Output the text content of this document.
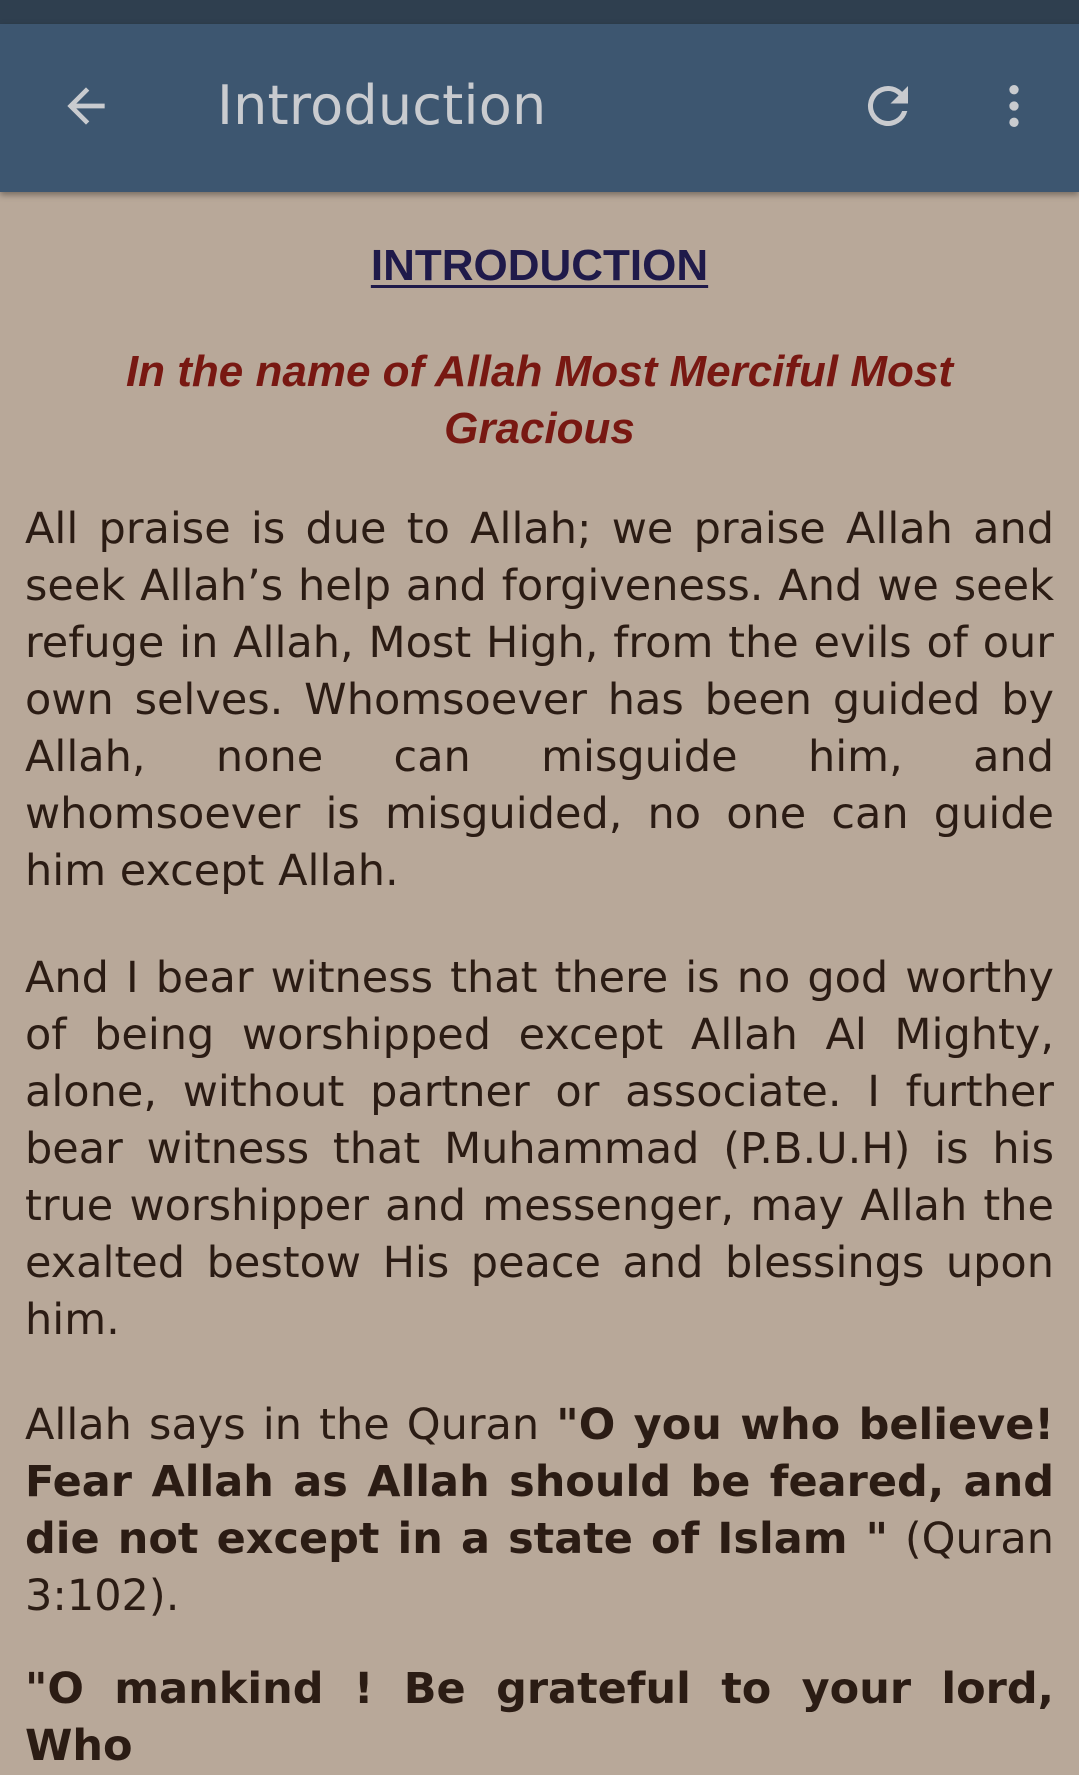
Introduction
INTRODUCTION
In the name of Allah Most Merciful Most Gracious

All praise is due to Allah; we praise Allah and seek Allah’s help and forgiveness. And we seek refuge in Allah, Most High, from the evils of our own selves. Whomsoever has been guided by Allah, none can misguide him, and whomsoever is misguided, no one can guide him except Allah.

And I bear witness that there is no god worthy of being worshipped except Allah Al Mighty, alone, without partner or associate. I further bear witness that Muhammad (P.B.U.H) is his true worshipper and messenger, may Allah the exalted bestow His peace and blessings upon him.

Allah says in the Quran "O you who believe! Fear Allah as Allah should be feared, and die not except in a state of Islam " (Quran 3:102).

"O mankind ! Be grateful to your lord, Who
